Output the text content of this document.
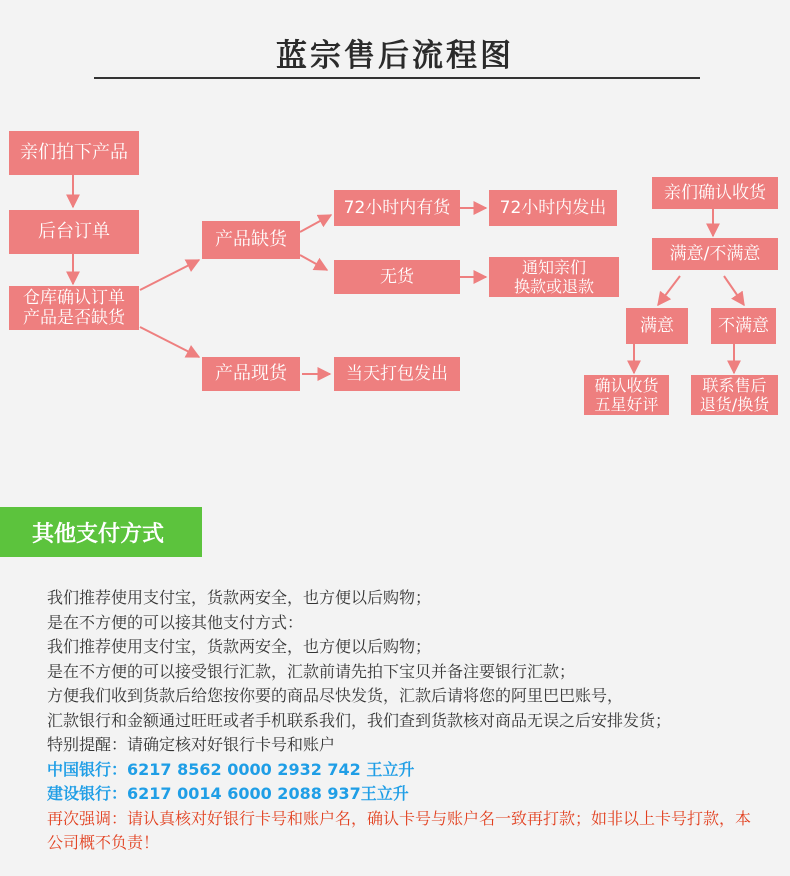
蓝宗售后流程图
亲们拍下产品
后台订单
仓库确认订单
产品是否缺货
产品缺货
产品现货
72小时内有货	72小时内发出
无货	通知亲们
换款或退款
当天打包发出
亲们确认收货
满意/不满意
满意	不满意
确认收货
五星好评
联系售后
退货/换货
其他支付方式
我们推荐使用支付宝，货款两安全，也方便以后购物；
是在不方便的可以接其他支付方式：
我们推荐使用支付宝，货款两安全，也方便以后购物；
是在不方便的可以接受银行汇款，汇款前请先拍下宝贝并备注要银行汇款；
方便我们收到货款后给您按你要的商品尽快发货，汇款后请将您的阿里巴巴账号，
汇款银行和金额通过旺旺或者手机联系我们，我们查到货款核对商品无误之后安排发货；
特别提醒：请确定核对好银行卡号和账户
中国银行：6217 8562 0000 2932 742 王立升
建设银行：6217 0014 6000 2088 937王立升
再次强调：请认真核对好银行卡号和账户名，确认卡号与账户名一致再打款；如非以上卡号打款，本公司概不负责！
